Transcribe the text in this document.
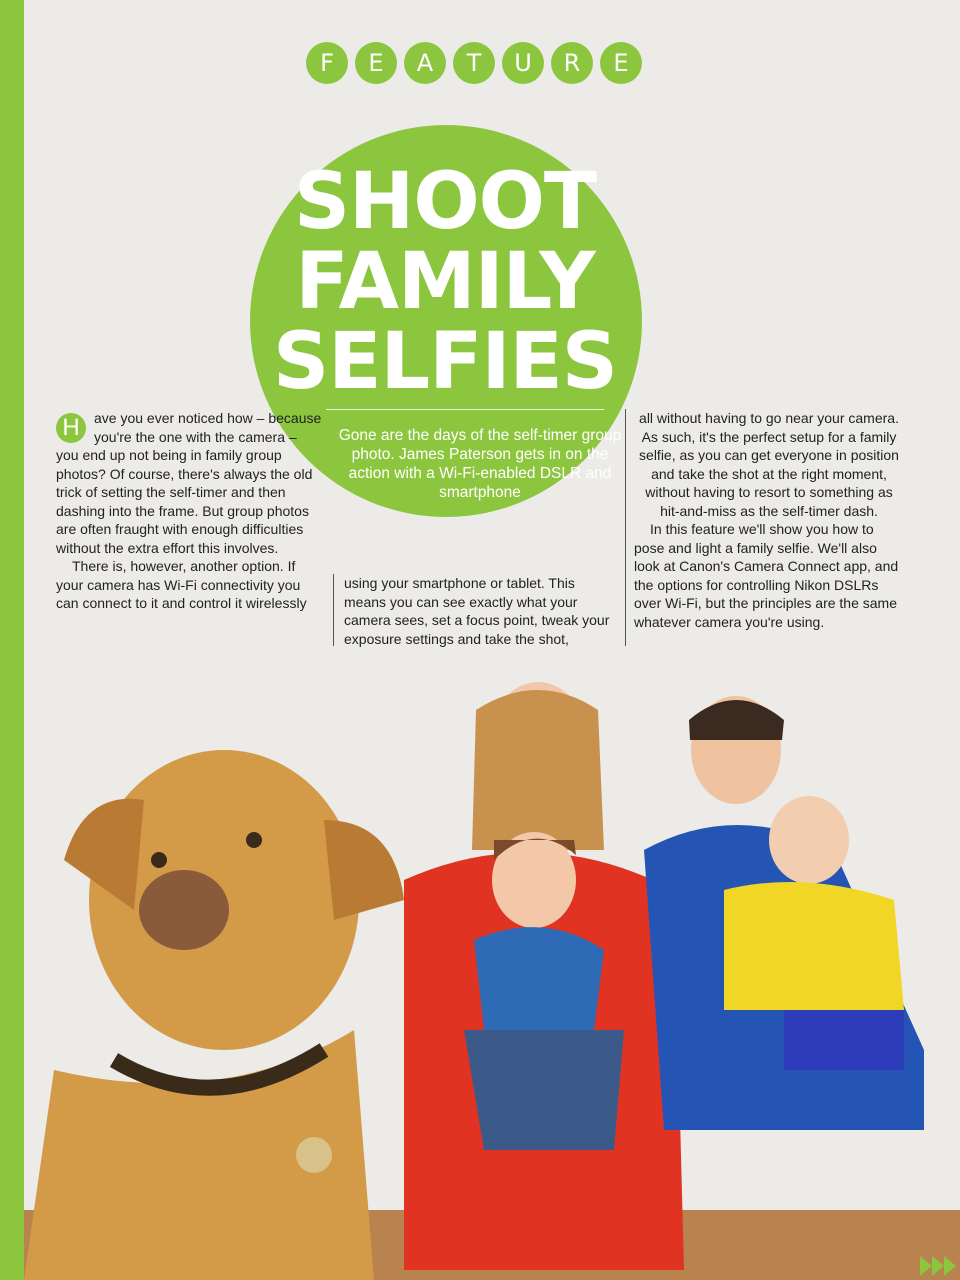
F	E	A	T	U	R	E
SHOOT
FAMILY
SELFIES
Gone are the days of the self-timer group photo. James Paterson gets in on the action with a Wi-Fi-enabled DSLR and smartphone

H	ave you ever noticed how – because you're the one with the camera – you end up not being in family group photos? Of course, there's always the old trick of setting the self-timer and then dashing into the frame. But group photos are often fraught with enough difficulties without the extra effort this involves.

There is, however, another option. If your camera has Wi-Fi connectivity you can connect to it and control it wirelessly

using your smartphone or tablet. This means you can see exactly what your camera sees, set a focus point, tweak your exposure settings and take the shot,

all without having to go near your camera. As such, it's the perfect setup for a family selfie, as you can get everyone in position and take the shot at the right moment, without having to resort to something as hit-and-miss as the self-timer dash.

In this feature we'll show you how to pose and light a family selfie. We'll also look at Canon's Camera Connect app, and the options for controlling Nikon DSLRs over Wi-Fi, but the principles are the same whatever camera you're using.
